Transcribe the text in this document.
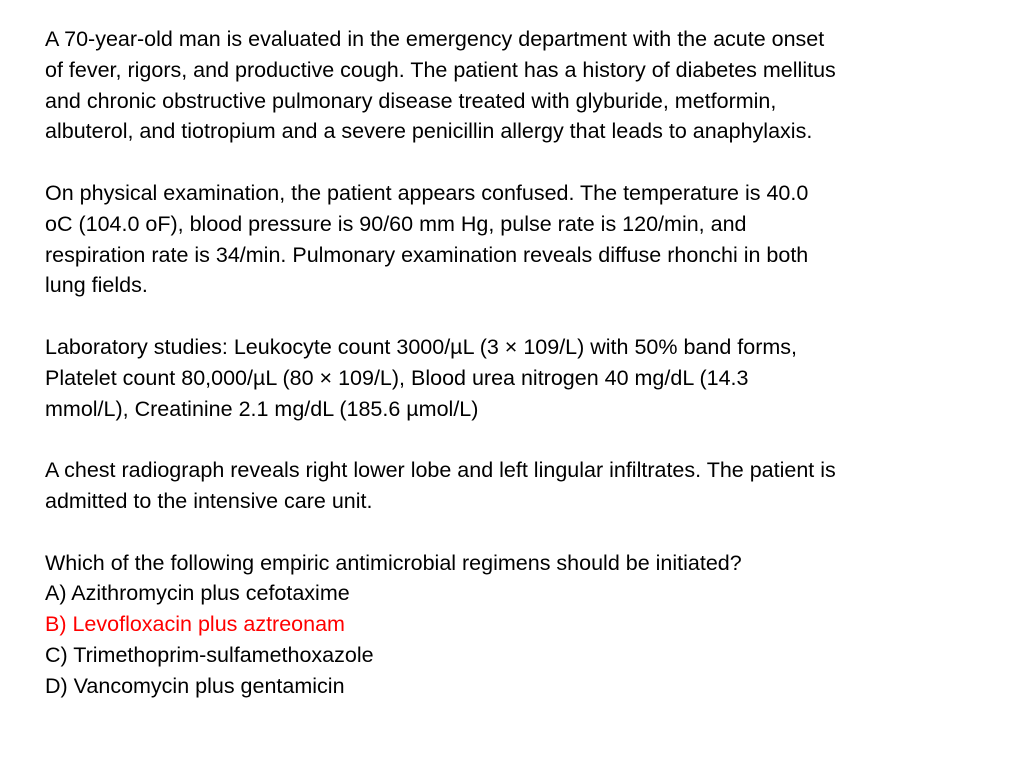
A 70-year-old man is evaluated in the emergency department with the acute onset
of fever, rigors, and productive cough. The patient has a history of diabetes mellitus
and chronic obstructive pulmonary disease treated with glyburide, metformin,
albuterol, and tiotropium and a severe penicillin allergy that leads to anaphylaxis.

On physical examination, the patient appears confused. The temperature is 40.0
oC (104.0 oF), blood pressure is 90/60 mm Hg, pulse rate is 120/min, and
respiration rate is 34/min. Pulmonary examination reveals diffuse rhonchi in both
lung fields.

Laboratory studies: Leukocyte count 3000/µL (3 × 109/L) with 50% band forms,
Platelet count 80,000/µL (80 × 109/L), Blood urea nitrogen 40 mg/dL (14.3
mmol/L), Creatinine 2.1 mg/dL (185.6 µmol/L)

A chest radiograph reveals right lower lobe and left lingular infiltrates. The patient is
admitted to the intensive care unit.

Which of the following empiric antimicrobial regimens should be initiated?

A) Azithromycin plus cefotaxime

B) Levofloxacin plus aztreonam

C) Trimethoprim-sulfamethoxazole

D) Vancomycin plus gentamicin
